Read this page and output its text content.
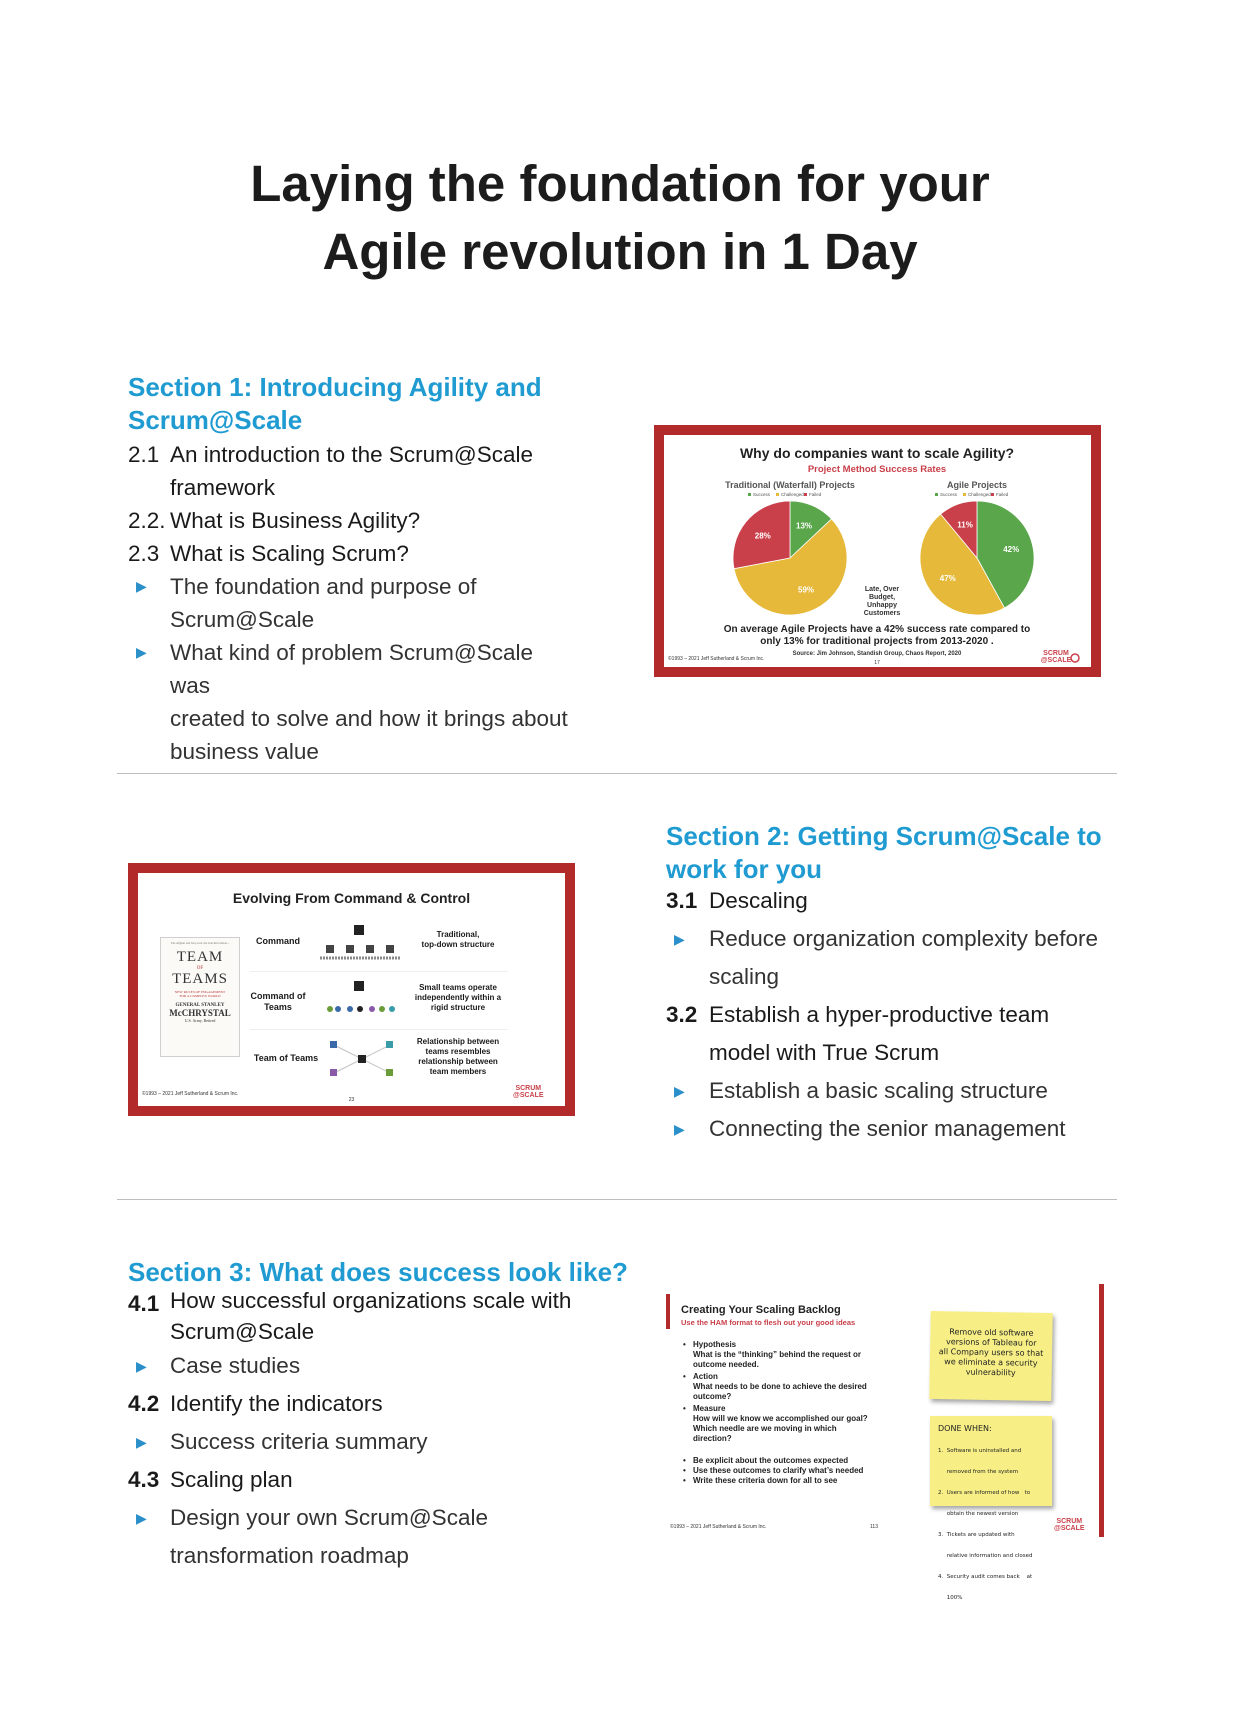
Laying the foundation for your
Agile revolution in 1 Day
Section 1: Introducing Agility and
Scrum@Scale
2.1 An introduction to the Scrum@Scale
framework
2.2. What is Business Agility?
2.3 What is Scaling Scrum?
▶ The foundation and purpose of
Scrum@Scale
▶ What kind of problem Scrum@Scale was
created to solve and how it brings about
business value
Why do companies want to scale Agility?
Project Method Success Rates
Traditional (Waterfall) Projects	Agile Projects
Success Challenged Failed	Success Challenged Failed
13%
59%
28%
42%
47%
11%
Late, Over
Budget,
Unhappy
Customers
On average Agile Projects have a 42% success rate compared to
only 13% for traditional projects from 2013-2020 .
Source: Jim Johnson, Standish Group, Chaos Report, 2020
©1993 – 2021 Jeff Sutherland & Scrum Inc.
17
SCRUM
@SCALE
Evolving From Command & Control
The Afghan and Iraq wars: the Iran Revolution...
TEAM
OF
TEAMS
NEW RULES OF ENGAGEMENT
FOR A COMPLEX WORLD
GENERAL STANLEY
McCHRYSTAL
U.S. Army, Retired
Command
Traditional,
top-down structure
Command of Teams
Small teams operate
independently within a
rigid structure
Team of Teams
Relationship between
teams resembles
relationship between
team members
©1993 – 2021 Jeff Sutherland & Scrum Inc.
23
SCRUM
@SCALE
Section 2: Getting Scrum@Scale to
work for you
3.1 Descaling
▶ Reduce organization complexity before
scaling
3.2 Establish a hyper-productive team
model with True Scrum
▶ Establish a basic scaling structure
▶ Connecting the senior management
Section 3: What does success look like?
4.1 How successful organizations scale with
Scrum@Scale
▶ Case studies
4.2 Identify the indicators
▶ Success criteria summary
4.3 Scaling plan
▶ Design your own Scrum@Scale
transformation roadmap
Creating Your Scaling Backlog
Use the HAM format to flesh out your good ideas
• Hypothesis
What is the “thinking” behind the request or
outcome needed.
• Action
What needs to be done to achieve the desired
outcome?
• Measure
How will we know we accomplished our goal?
Which needle are we moving in which
direction?
• Be explicit about the outcomes expected
• Use these outcomes to clarify what’s needed
• Write these criteria down for all to see
Remove old software
versions of Tableau for
all Company users so that
we eliminate a security
vulnerability
DONE WHEN:

1.  Software is uninstalled and

removed from the system

2.  Users are informed of how   to

obtain the newest version

3.  Tickets are updated with

relative information and closed

4.  Security audit comes back    at

100%

©1993 – 2021 Jeff Sutherland & Scrum Inc.	113
SCRUM
@SCALE
